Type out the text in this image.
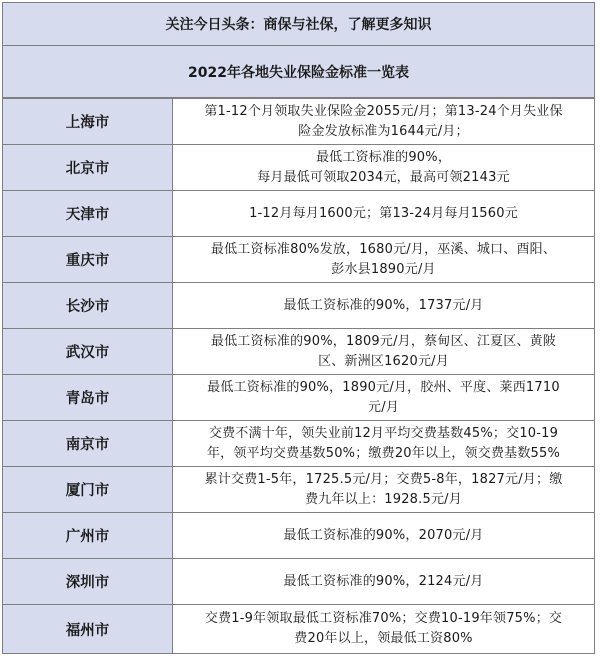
关注今日头条：商保与社保，了解更多知识
2022年各地失业保险金标准一览表
上海市	第1-12个月领取失业保险金2055元/月；第13-24个月失业保
险金发放标准为1644元/月；

北京市	最低工资标准的90%，
每月最低可领取2034元，最高可领2143元

天津市	1-12月每月1600元；第13-24月每月1560元

重庆市	最低工资标准80%发放，1680元/月，巫溪、城口、酉阳、
彭水县1890元/月

长沙市	最低工资标准的90%，1737元/月

武汉市	最低工资标准的90%，1809元/月，蔡甸区、江夏区、黄陂
区、新洲区1620元/月

青岛市	最低工资标准的90%，1890元/月，胶州、平度、莱西1710
元/月

南京市	交费不满十年，领失业前12月平均交费基数45%；交10-19
年，领平均交费基数50%；缴费20年以上，领交费基数55%

厦门市	累计交费1-5年，1725.5元/月；交费5-8年，1827元/月；缴
费九年以上：1928.5元/月

广州市	最低工资标准的90%，2070元/月

深圳市	最低工资标准的90%，2124元/月

福州市	交费1-9年领取最低工资标准70%；交费10-19年领75%；交
费20年以上，领最低工资80%
